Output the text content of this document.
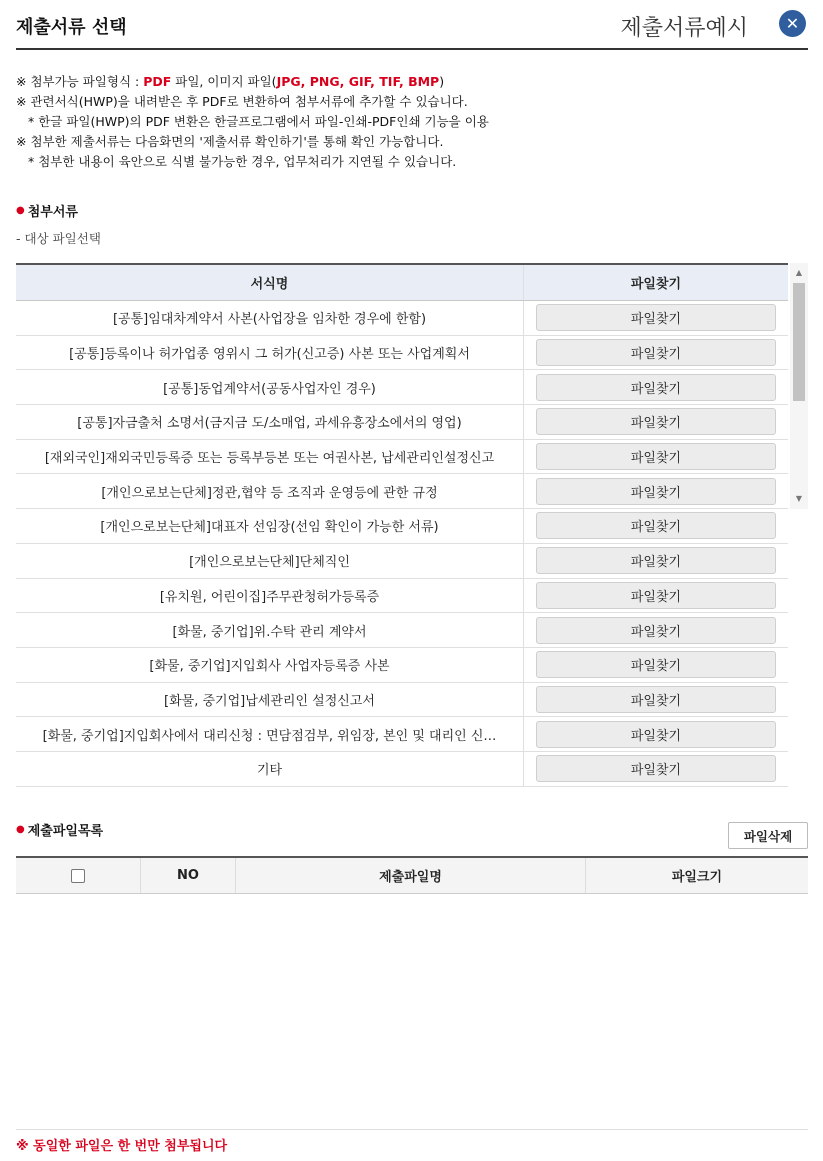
제출서류 선택	제출서류예시	✕
※ 첨부가능 파일형식 : PDF 파일, 이미지 파일(JPG, PNG, GIF, TIF, BMP)
※ 관련서식(HWP)을 내려받은 후 PDF로 변환하여 첨부서류에 추가할 수 있습니다.
* 한글 파일(HWP)의 PDF 변환은 한글프로그램에서 파일-인쇄-PDF인쇄 기능을 이용
※ 첨부한 제출서류는 다음화면의 '제출서류 확인하기'를 통해 확인 가능합니다.
* 첨부한 내용이 육안으로 식별 불가능한 경우, 업무처리가 지연될 수 있습니다.
● 첨부서류
- 대상 파일선택
서식명	파일찾기
[공통]임대차계약서 사본(사업장을 임차한 경우에 한함)	파일찾기
[공통]등록이나 허가업종 영위시 그 허가(신고증) 사본 또는 사업계획서	파일찾기
[공통]동업계약서(공동사업자인 경우)	파일찾기
[공통]자금출처 소명서(금지금 도/소매업, 과세유흥장소에서의 영업)	파일찾기
[재외국인]재외국민등록증 또는 등록부등본 또는 여권사본, 납세관리인설정신고	파일찾기
[개인으로보는단체]정관,협약 등 조직과 운영등에 관한 규정	파일찾기
[개인으로보는단체]대표자 선임장(선임 확인이 가능한 서류)	파일찾기
[개인으로보는단체]단체직인	파일찾기
[유치원, 어린이집]주무관청허가등록증	파일찾기
[화물, 중기업]위.수탁 관리 계약서	파일찾기
[화물, 중기업]지입회사 사업자등록증 사본	파일찾기
[화물, 중기업]납세관리인 설정신고서	파일찾기
[화물, 중기업]지입회사에서 대리신청 : 면담점검부, 위임장, 본인 및 대리인 신…	파일찾기
기타	파일찾기
▲
▼
● 제출파일목록	파일삭제
NO	제출파일명	파일크기
※ 동일한 파일은 한 번만 첨부됩니다
